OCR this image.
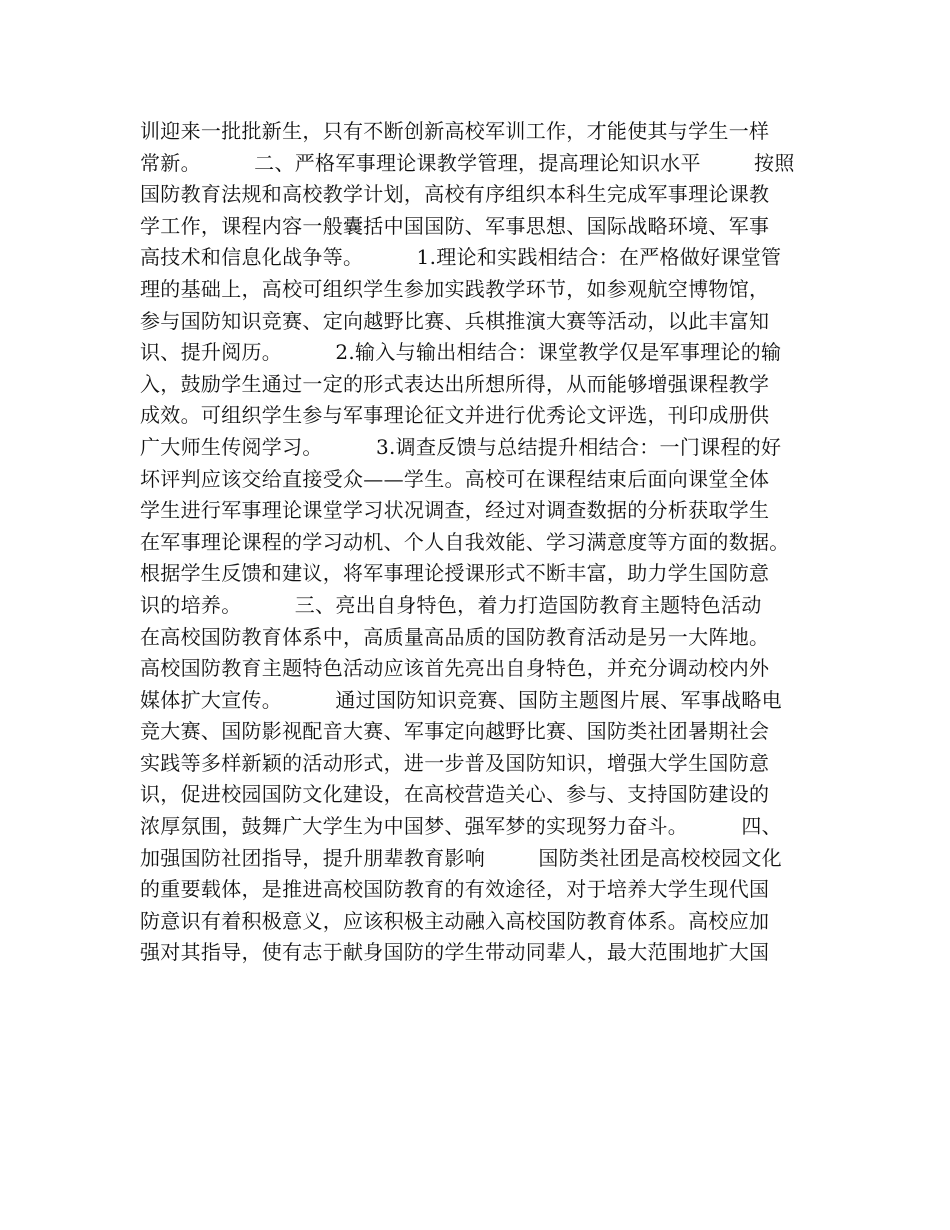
训迎来一批批新生，只有不断创新高校军训工作，才能使其与学生一样
常新。        二、严格军事理论课教学管理，提高理论知识水平        按照
国防教育法规和高校教学计划，高校有序组织本科生完成军事理论课教
学工作，课程内容一般囊括中国国防、军事思想、国际战略环境、军事
高技术和信息化战争等。        1.理论和实践相结合：在严格做好课堂管
理的基础上，高校可组织学生参加实践教学环节，如参观航空博物馆，
参与国防知识竞赛、定向越野比赛、兵棋推演大赛等活动，以此丰富知
识、提升阅历。        2.输入与输出相结合：课堂教学仅是军事理论的输
入，鼓励学生通过一定的形式表达出所想所得，从而能够增强课程教学
成效。可组织学生参与军事理论征文并进行优秀论文评选，刊印成册供
广大师生传阅学习。        3.调查反馈与总结提升相结合：一门课程的好
坏评判应该交给直接受众——学生。高校可在课程结束后面向课堂全体
学生进行军事理论课堂学习状况调查，经过对调查数据的分析获取学生
在军事理论课程的学习动机、个人自我效能、学习满意度等方面的数据。
根据学生反馈和建议，将军事理论授课形式不断丰富，助力学生国防意
识的培养。        三、亮出自身特色，着力打造国防教育主题特色活动
在高校国防教育体系中，高质量高品质的国防教育活动是另一大阵地。
高校国防教育主题特色活动应该首先亮出自身特色，并充分调动校内外
媒体扩大宣传。        通过国防知识竞赛、国防主题图片展、军事战略电
竞大赛、国防影视配音大赛、军事定向越野比赛、国防类社团暑期社会
实践等多样新颖的活动形式，进一步普及国防知识，增强大学生国防意
识，促进校园国防文化建设，在高校营造关心、参与、支持国防建设的
浓厚氛围，鼓舞广大学生为中国梦、强军梦的实现努力奋斗。        四、
加强国防社团指导，提升朋辈教育影响        国防类社团是高校校园文化
的重要载体，是推进高校国防教育的有效途径，对于培养大学生现代国
防意识有着积极意义，应该积极主动融入高校国防教育体系。高校应加
强对其指导，使有志于献身国防的学生带动同辈人，最大范围地扩大国
